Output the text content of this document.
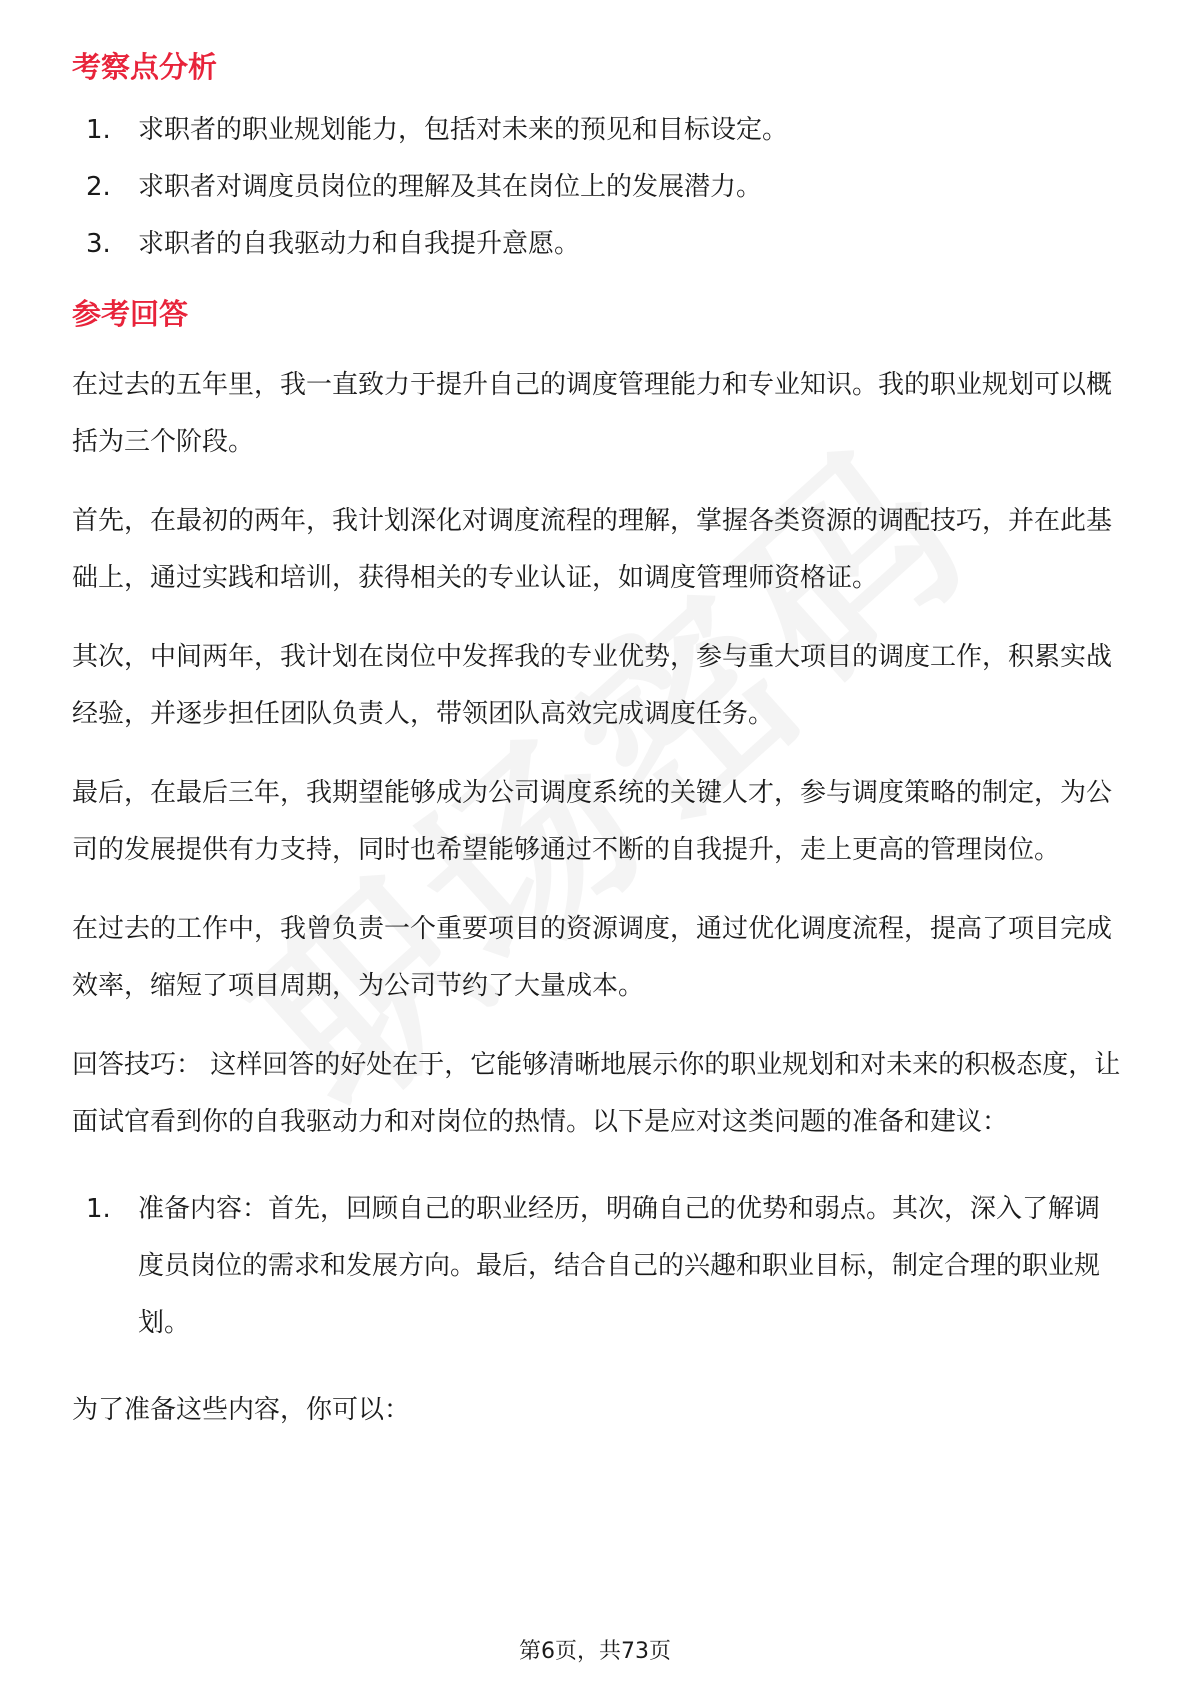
考察点分析
1.	求职者的职业规划能力，包括对未来的预见和目标设定。
2.	求职者对调度员岗位的理解及其在岗位上的发展潜力。
3.	求职者的自我驱动力和自我提升意愿。
参考回答

在过去的五年里，我一直致力于提升自己的调度管理能力和专业知识。我的职业规划可以概括为三个阶段。

首先，在最初的两年，我计划深化对调度流程的理解，掌握各类资源的调配技巧，并在此基础上，通过实践和培训，获得相关的专业认证，如调度管理师资格证。

其次，中间两年，我计划在岗位中发挥我的专业优势，参与重大项目的调度工作，积累实战经验，并逐步担任团队负责人，带领团队高效完成调度任务。

最后，在最后三年，我期望能够成为公司调度系统的关键人才，参与调度策略的制定，为公司的发展提供有力支持，同时也希望能够通过不断的自我提升，走上更高的管理岗位。

在过去的工作中，我曾负责一个重要项目的资源调度，通过优化调度流程，提高了项目完成效率，缩短了项目周期，为公司节约了大量成本。

回答技巧： 这样回答的好处在于，它能够清晰地展示你的职业规划和对未来的积极态度，让面试官看到你的自我驱动力和对岗位的热情。以下是应对这类问题的准备和建议：

1.	准备内容：首先，回顾自己的职业经历，明确自己的优势和弱点。其次，深入了解调度员岗位的需求和发展方向。最后，结合自己的兴趣和职业目标，制定合理的职业规划。

为了准备这些内容，你可以：

第6页，共73页
